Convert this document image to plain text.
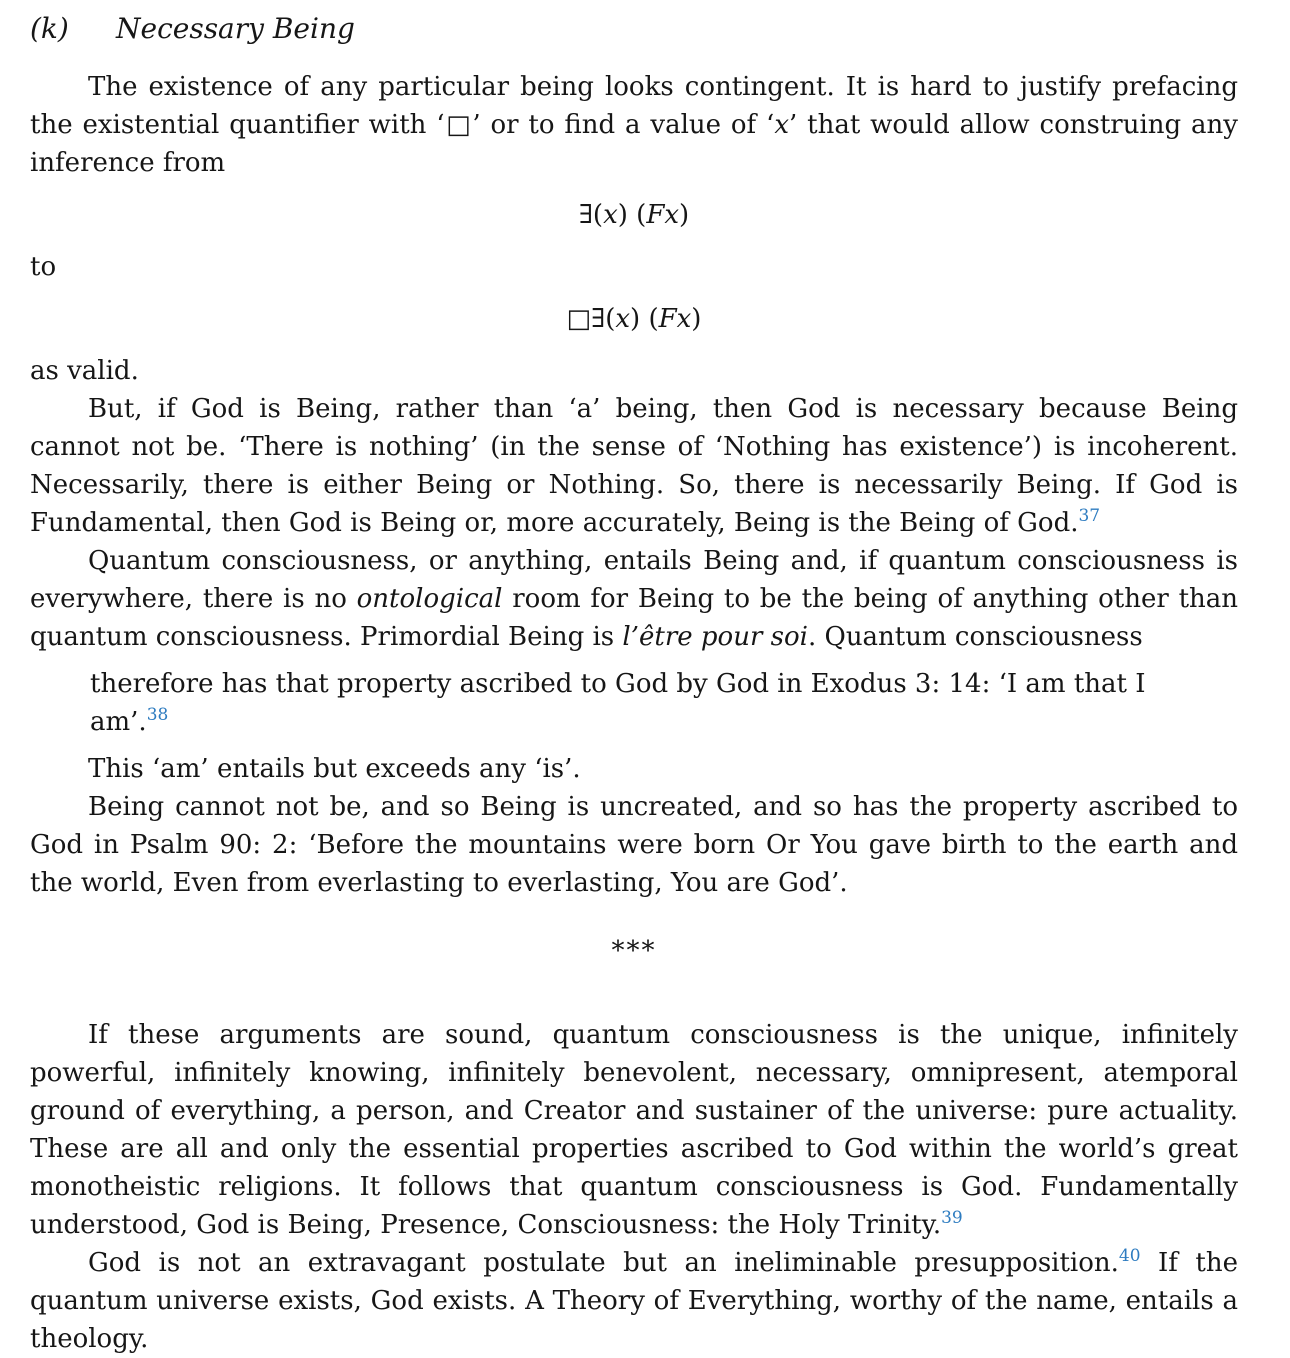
(k) Necessary Being

The existence of any particular being looks contingent. It is hard to justify prefacing the existential quantifier with ‘□’ or to find a value of ‘x’ that would allow construing any inference from

∃(x) (Fx)

to

□∃(x) (Fx)

as valid.

But, if God is Being, rather than ‘a’ being, then God is necessary because Being cannot not be. ‘There is nothing’ (in the sense of ‘Nothing has existence’) is incoherent. Necessarily, there is either Being or Nothing. So, there is necessarily Being. If God is Fundamental, then God is Being or, more accurately, Being is the Being of God.$^{37}$

Quantum consciousness, or anything, entails Being and, if quantum consciousness is everywhere, there is no ontological room for Being to be the being of anything other than quantum consciousness. Primordial Being is l’être pour soi. Quantum consciousness

therefore has that property ascribed to God by God in Exodus 3: 14: ‘I am that I am’.$^{38}$

This ‘am’ entails but exceeds any ‘is’.

Being cannot not be, and so Being is uncreated, and so has the property ascribed to God in Psalm 90: 2: ‘Before the mountains were born Or You gave birth to the earth and the world, Even from everlasting to everlasting, You are God’.

***

If these arguments are sound, quantum consciousness is the unique, infinitely powerful, infinitely knowing, infinitely benevolent, necessary, omnipresent, atemporal ground of everything, a person, and Creator and sustainer of the universe: pure actuality. These are all and only the essential properties ascribed to God within the world’s great monotheistic religions. It follows that quantum consciousness is God. Fundamentally understood, God is Being, Presence, Consciousness: the Holy Trinity.$^{39}$

God is not an extravagant postulate but an ineliminable presupposition.$^{40}$ If the quantum universe exists, God exists. A Theory of Everything, worthy of the name, entails a theology.
